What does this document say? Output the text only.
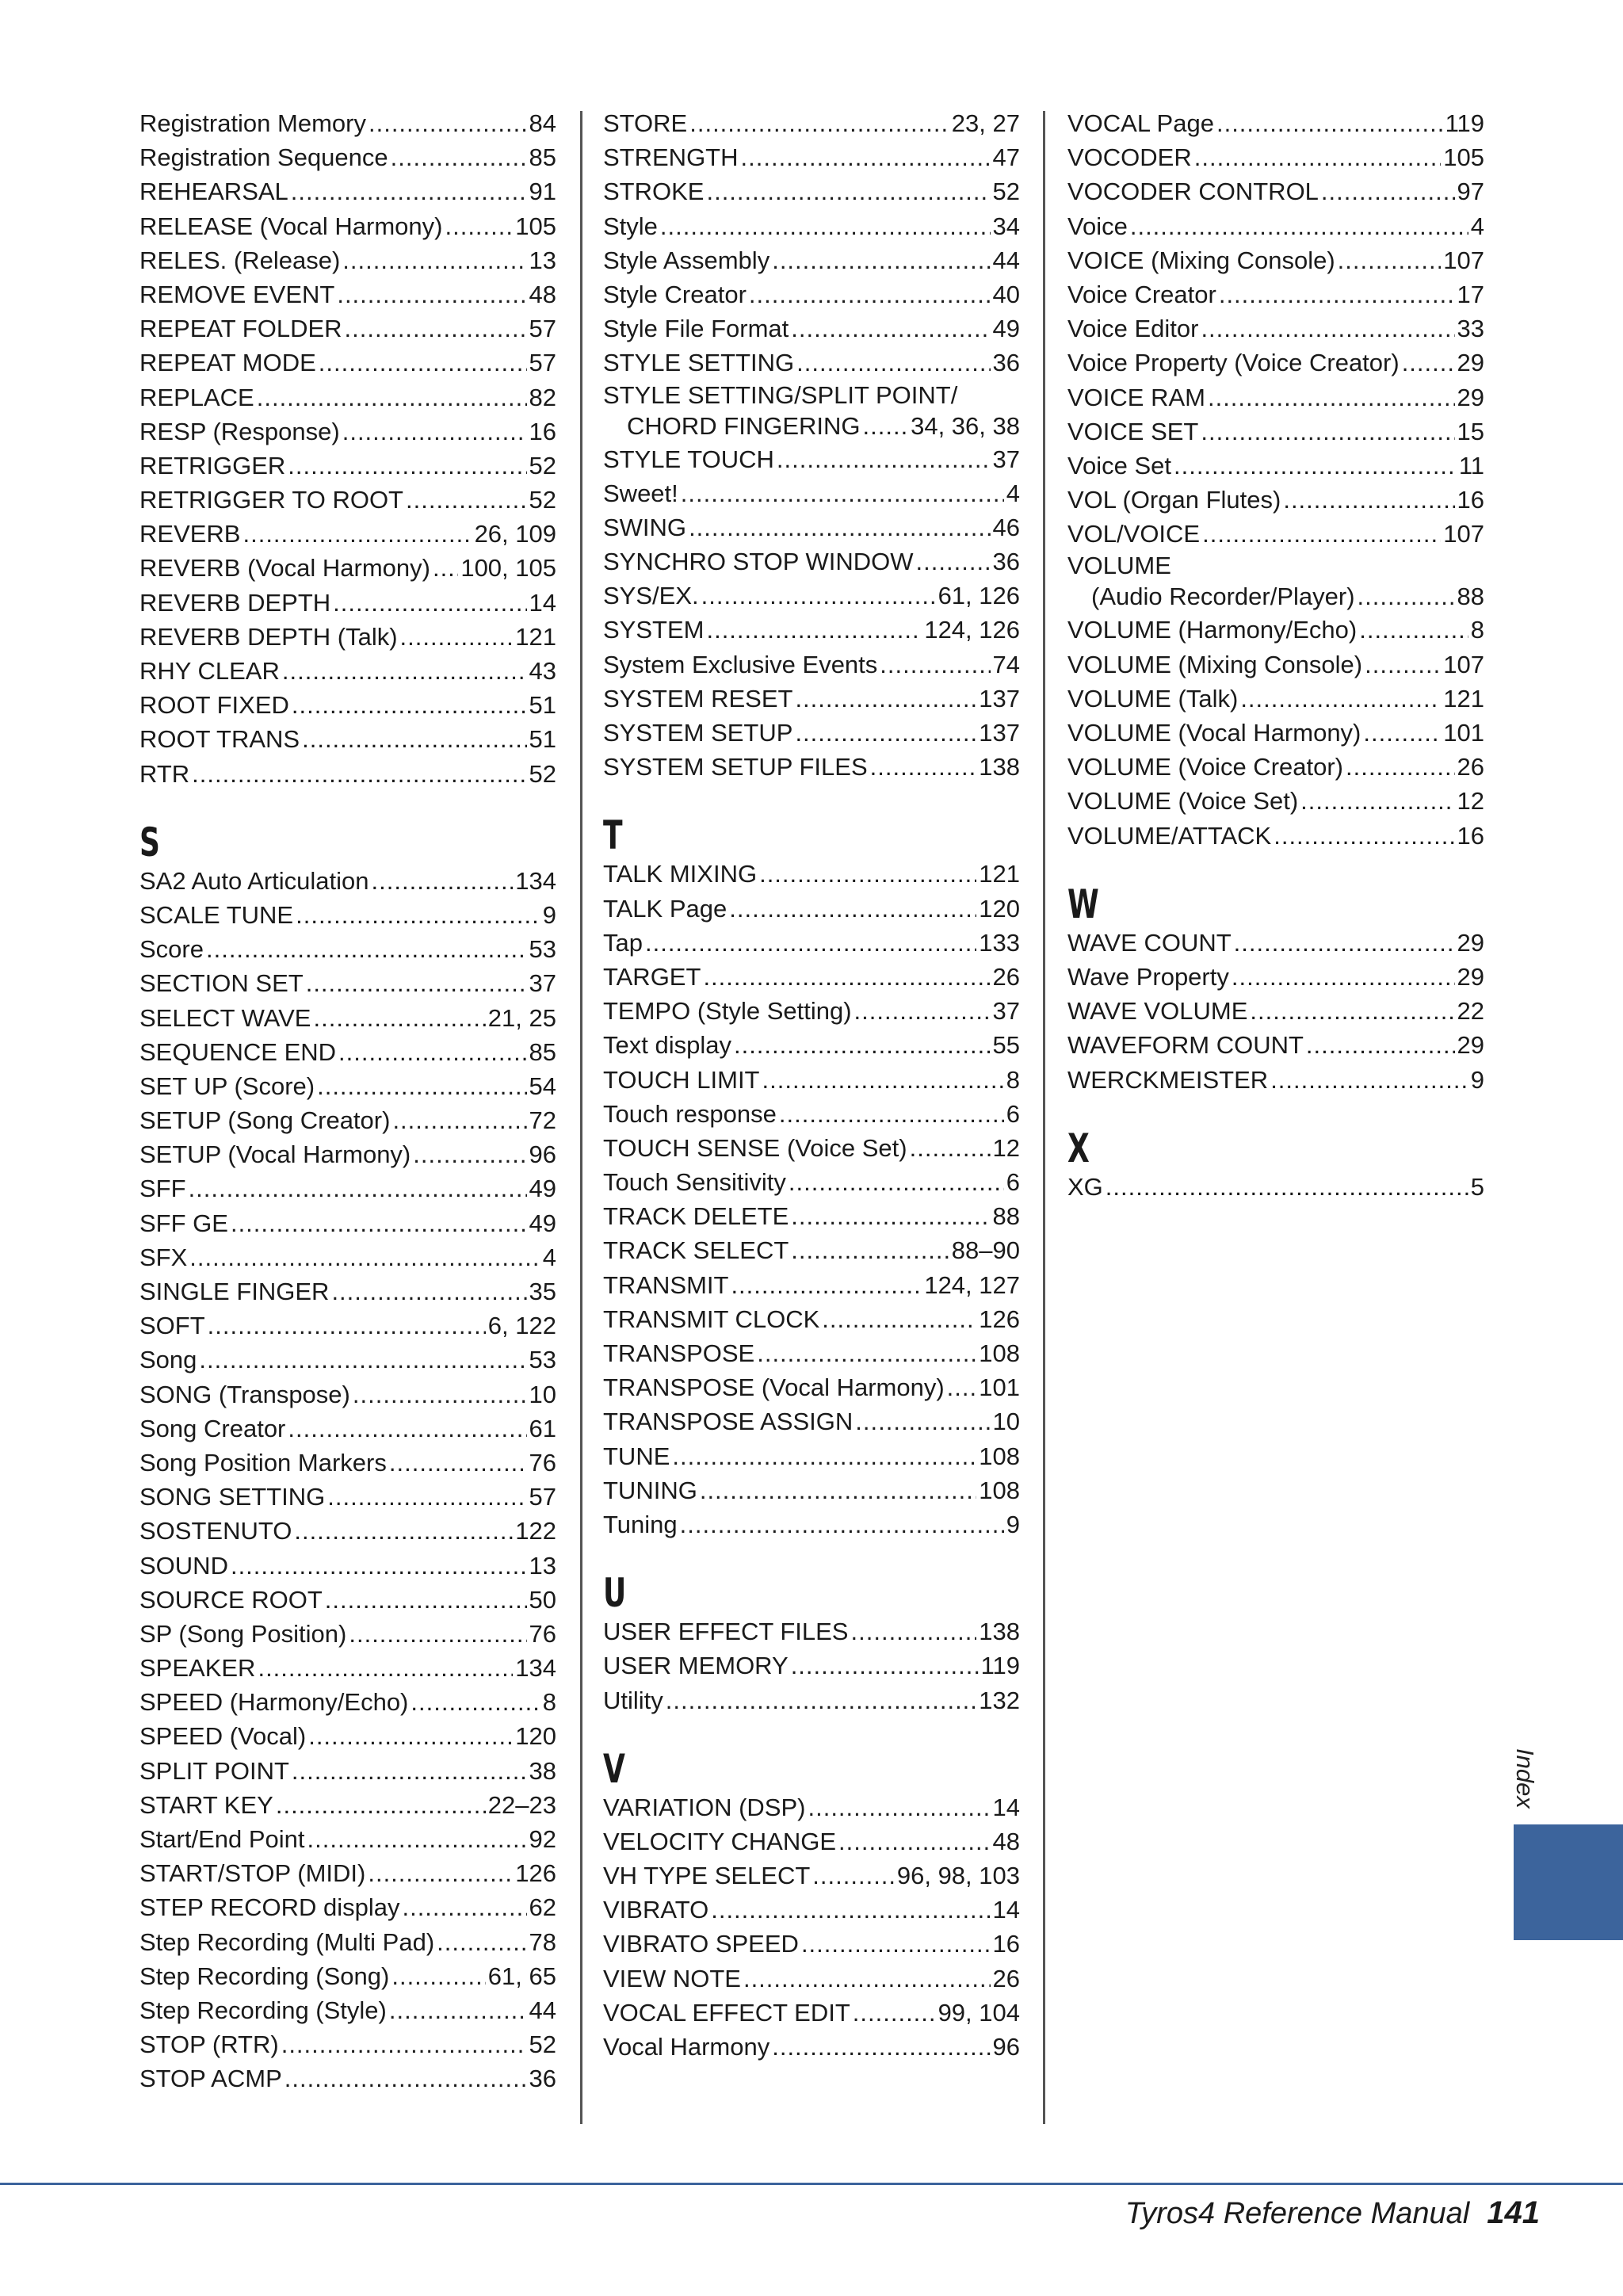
Registration Memory .....	84
Registration Sequence .....	85
REHEARSAL .....	91
RELEASE (Vocal Harmony) .....	105
RELES. (Release) .....	13
REMOVE EVENT .....	48
REPEAT FOLDER .....	57
REPEAT MODE .....	57
REPLACE .....	82
RESP (Response) .....	16
RETRIGGER .....	52
RETRIGGER TO ROOT .....	52
REVERB .....	26, 109
REVERB (Vocal Harmony) ..... 100, 105
REVERB DEPTH .....	14
REVERB DEPTH (Talk) .....	121
RHY CLEAR .....	43
ROOT FIXED .....	51
ROOT TRANS .....	51
RTR .....	52
S
SA2 Auto Articulation .....	134
SCALE TUNE .....	9
Score .....	53
SECTION SET .....	37
SELECT WAVE .....	21, 25
SEQUENCE END .....	85
SET UP (Score) .....	54
SETUP (Song Creator) .....	72
SETUP (Vocal Harmony) .....	96
SFF .....	49
SFF GE .....	49
SFX .....	4
SINGLE FINGER .....	35
SOFT .....	6, 122
Song .....	53
SONG (Transpose) .....	10
Song Creator .....	61
Song Position Markers .....	76
SONG SETTING .....	57
SOSTENUTO .....	122
SOUND .....	13
SOURCE ROOT .....	50
SP (Song Position) .....	76
SPEAKER .....	134
SPEED (Harmony/Echo) .....	8
SPEED (Vocal) .....	120
SPLIT POINT .....	38
START KEY .....	22–23
Start/End Point .....	92
START/STOP (MIDI) .....	126
STEP RECORD display .....	62
Step Recording (Multi Pad) .....	78
Step Recording (Song) .....	61, 65
Step Recording (Style) .....	44
STOP (RTR) .....	52
STOP ACMP .....	36
STORE .....	23, 27
STRENGTH .....	47
STROKE .....	52
Style .....	34
Style Assembly .....	44
Style Creator .....	40
Style File Format .....	49
STYLE SETTING .....	36
STYLE SETTING/SPLIT POINT/
CHORD FINGERING ..... 34, 36, 38
STYLE TOUCH .....	37
Sweet! .....	4
SWING .....	46
SYNCHRO STOP WINDOW .....	36
SYS/EX. .....	61, 126
SYSTEM .....	124, 126
System Exclusive Events .....	74
SYSTEM RESET .....	137
SYSTEM SETUP .....	137
SYSTEM SETUP FILES .....	138
T
TALK MIXING .....	121
TALK Page .....	120
Tap .....	133
TARGET .....	26
TEMPO (Style Setting) .....	37
Text display .....	55
TOUCH LIMIT .....	8
Touch response .....	6
TOUCH SENSE (Voice Set) .....	12
Touch Sensitivity .....	6
TRACK DELETE .....	88
TRACK SELECT .....	88–90
TRANSMIT .....	124, 127
TRANSMIT CLOCK .....	126
TRANSPOSE .....	108
TRANSPOSE (Vocal Harmony) ..... 101
TRANSPOSE ASSIGN .....	10
TUNE .....	108
TUNING .....	108
Tuning .....	9
U
USER EFFECT FILES .....	138
USER MEMORY .....	119
Utility .....	132
V
VARIATION (DSP) .....	14
VELOCITY CHANGE .....	48
VH TYPE SELECT .....	96, 98, 103
VIBRATO .....	14
VIBRATO SPEED .....	16
VIEW NOTE .....	26
VOCAL EFFECT EDIT .....	99, 104
Vocal Harmony .....	96
VOCAL Page .....	119
VOCODER .....	105
VOCODER CONTROL .....	97
Voice .....	4
VOICE (Mixing Console) .....	107
Voice Creator .....	17
Voice Editor .....	33
Voice Property (Voice Creator) ..... 29
VOICE RAM .....	29
VOICE SET .....	15
Voice Set .....	11
VOL (Organ Flutes) .....	16
VOL/VOICE .....	107
VOLUME
(Audio Recorder/Player) .....	88
VOLUME (Harmony/Echo) .....	8
VOLUME (Mixing Console) .....	107
VOLUME (Talk) .....	121
VOLUME (Vocal Harmony) .....	101
VOLUME (Voice Creator) .....	26
VOLUME (Voice Set) .....	12
VOLUME/ATTACK .....	16
W
WAVE COUNT .....	29
Wave Property .....	29
WAVE VOLUME .....	22
WAVEFORM COUNT .....	29
WERCKMEISTER .....	9
X
XG .....	5
Index
Tyros4 Reference Manual 141
